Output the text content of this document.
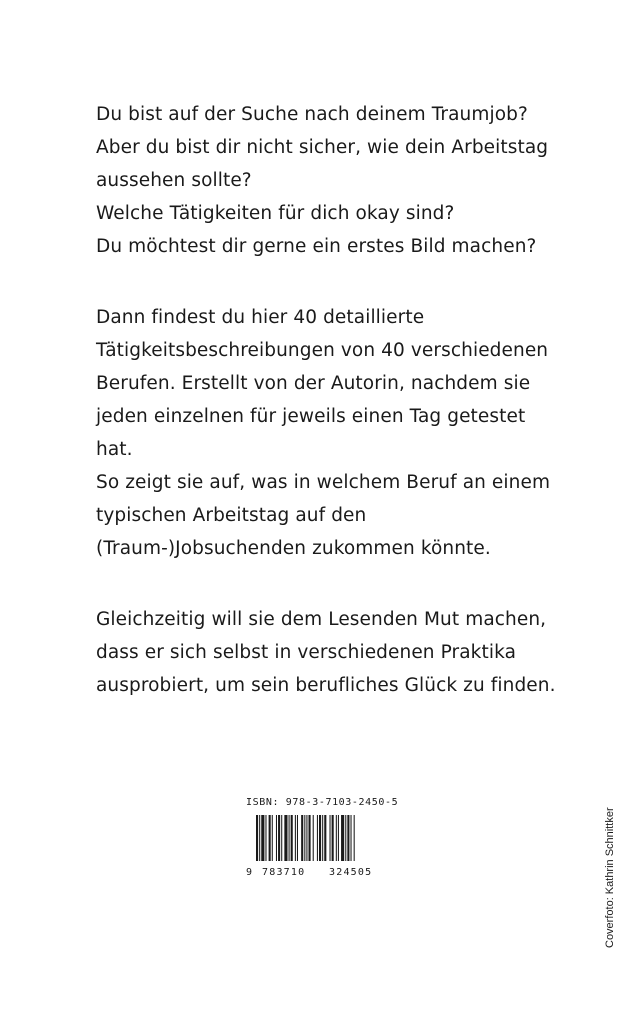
Du bist auf der Suche nach deinem Traumjob?
Aber du bist dir nicht sicher, wie dein Arbeitstag
aussehen sollte?
Welche Tätigkeiten für dich okay sind?
Du möchtest dir gerne ein erstes Bild machen?

Dann findest du hier 40 detaillierte
Tätigkeitsbeschreibungen von 40 verschiedenen
Berufen. Erstellt von der Autorin, nachdem sie
jeden einzelnen für jeweils einen Tag getestet
hat.
So zeigt sie auf, was in welchem Beruf an einem
typischen Arbeitstag auf den
(Traum-)Jobsuchenden zukommen könnte.

Gleichzeitig will sie dem Lesenden Mut machen,
dass er sich selbst in verschiedenen Praktika
ausprobiert, um sein berufliches Glück zu finden.

ISBN: 978-3-7103-2450-5
9 783710 324505	Coverfoto: Kathrin Schnittker
